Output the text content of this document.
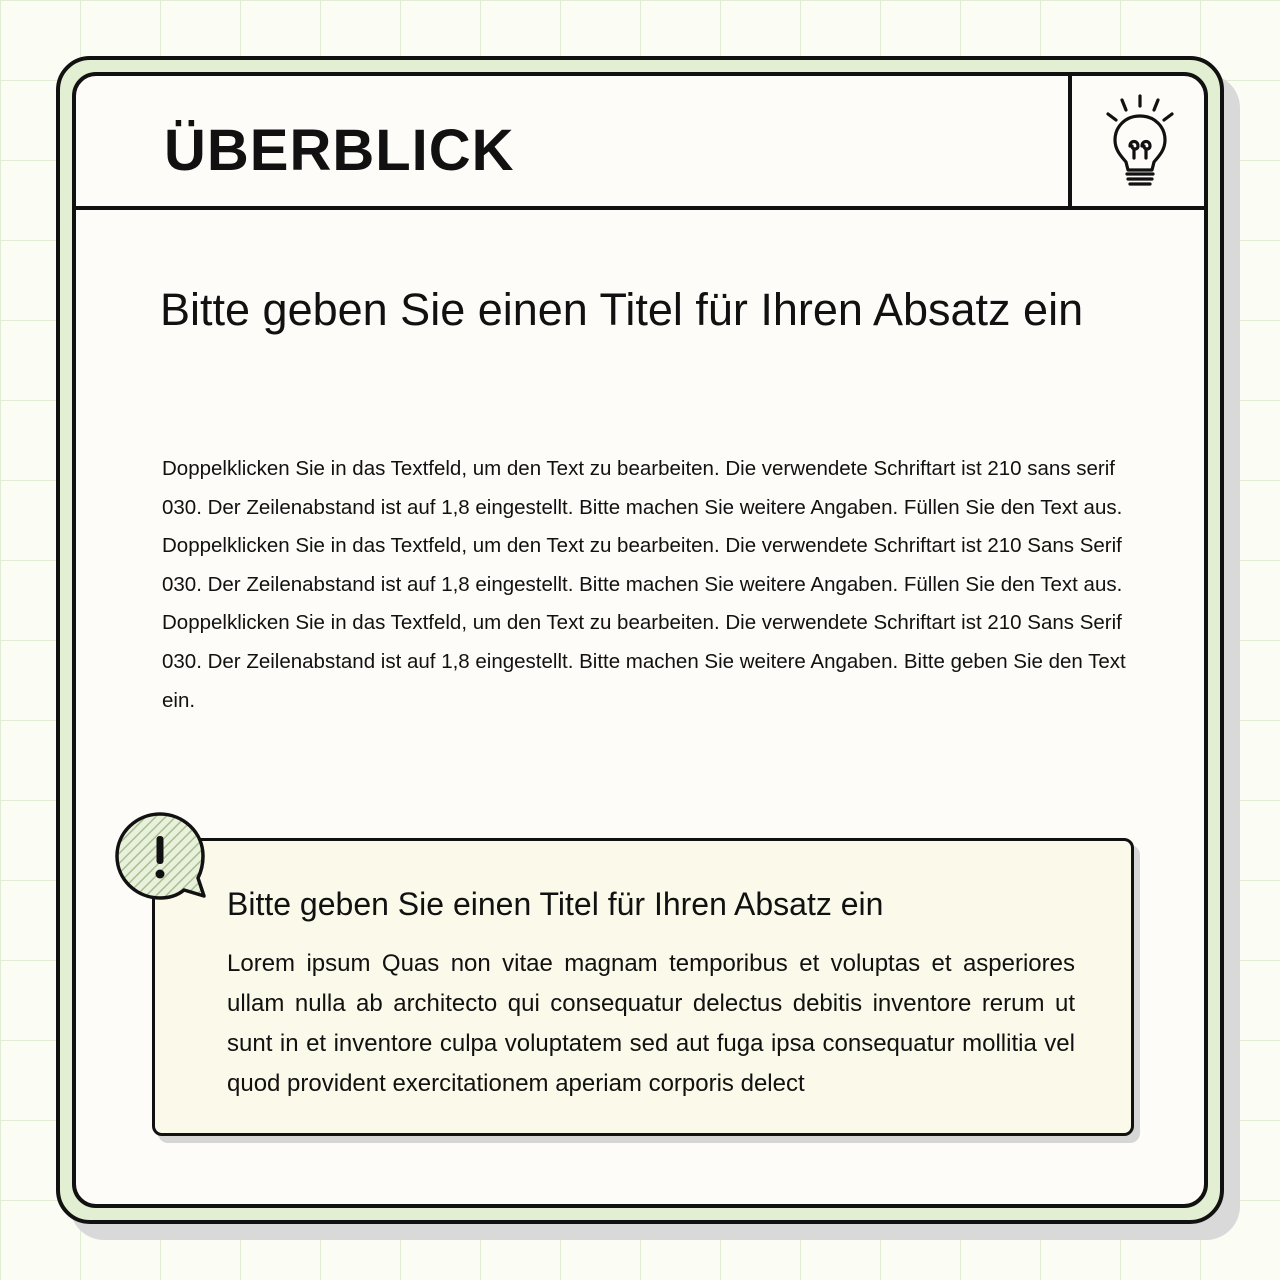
ÜBERBLICK
Bitte geben Sie einen Titel für Ihren Absatz ein
Doppelklicken Sie in das Textfeld, um den Text zu bearbeiten. Die verwendete Schriftart ist 210 sans serif 030. Der Zeilenabstand ist auf 1,8 eingestellt. Bitte machen Sie weitere Angaben. Füllen Sie den Text aus. Doppelklicken Sie in das Textfeld, um den Text zu bearbeiten. Die verwendete Schriftart ist 210 Sans Serif 030. Der Zeilenabstand ist auf 1,8 eingestellt. Bitte machen Sie weitere Angaben. Füllen Sie den Text aus. Doppelklicken Sie in das Textfeld, um den Text zu bearbeiten. Die verwendete Schriftart ist 210 Sans Serif 030. Der Zeilenabstand ist auf 1,8 eingestellt. Bitte machen Sie weitere Angaben. Bitte geben Sie den Text ein.
Bitte geben Sie einen Titel für Ihren Absatz ein
Lorem ipsum Quas non vitae magnam temporibus et voluptas et asperiores ullam nulla ab architecto qui consequatur delectus debitis inventore rerum ut sunt in et inventore culpa voluptatem sed aut fuga ipsa consequatur mollitia vel quod provident exercitationem aperiam corporis delect
